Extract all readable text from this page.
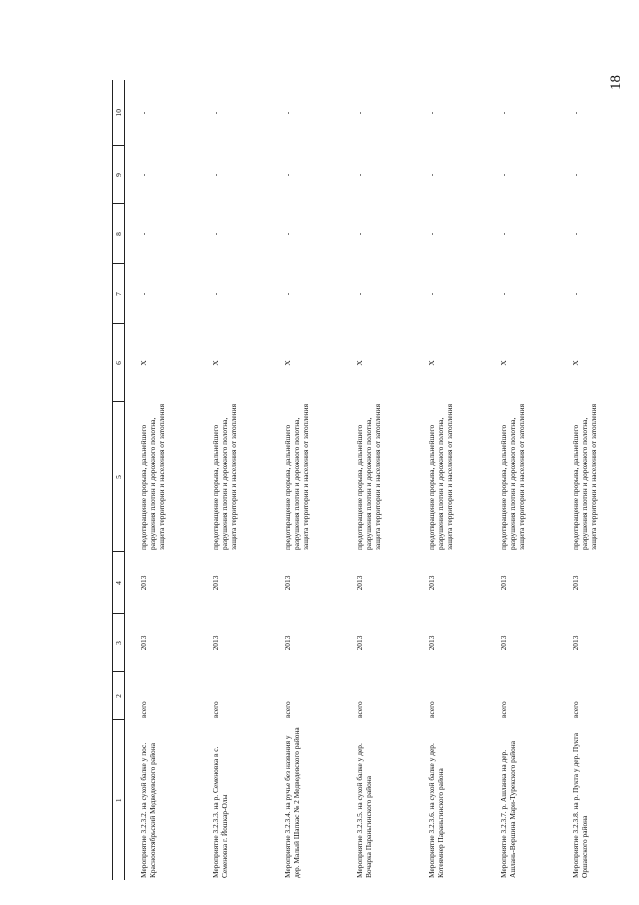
18
1	2	3	4	5	6	7	8	9	10
Мероприятие 3.2.3.2. на сухой балке у пос. Краснооктябрьский Медведевского района	всего	2013	2013	предотвращение прорыва, дальнейшего разрушения плотин и дорожного полотна, защита территории и населения от затопления	X	-	-	-	-
Мероприятие 3.2.3.3. на р. Семеновка в с. Семеновка г. Йошкар-Олы	всего	2013	2013	предотвращение прорыва, дальнейшего разрушения плотин и дорожного полотна, защита территории и населения от затопления	X	-	-	-	-
Мероприятие 3.2.3.4. на ручье без названия у дер. Малый Шапкас № 2 Медведевского района	всего	2013	2013	предотвращение прорыва, дальнейшего разрушения плотин и дорожного полотна, защита территории и населения от затопления	X	-	-	-	-
Мероприятие 3.2.3.5. на сухой балке у дер. Вочарка Параньгинского района	всего	2013	2013	предотвращение прорыва, дальнейшего разрушения плотин и дорожного полотна, защита территории и населения от затопления	X	-	-	-	-
Мероприятие 3.2.3.6. на сухой балке у дер. Котеямнер Параньгинского района	всего	2013	2013	предотвращение прорыва, дальнейшего разрушения плотин и дорожного полотна, защита территории и населения от затопления	X	-	-	-	-
Мероприятие 3.2.3.7. р. Ашланка на дер. Ашлань-Вершина Мари-Турекского района	всего	2013	2013	предотвращение прорыва, дальнейшего разрушения плотин и дорожного полотна, защита территории и населения от затопления	X	-	-	-	-
Мероприятие 3.2.3.8. на р. Пукта у дер. Пукта Оршанского района	всего	2013	2013	предотвращение прорыва, дальнейшего разрушения плотин и дорожного полотна, защита территории и населения от затопления	X	-	-	-	-
